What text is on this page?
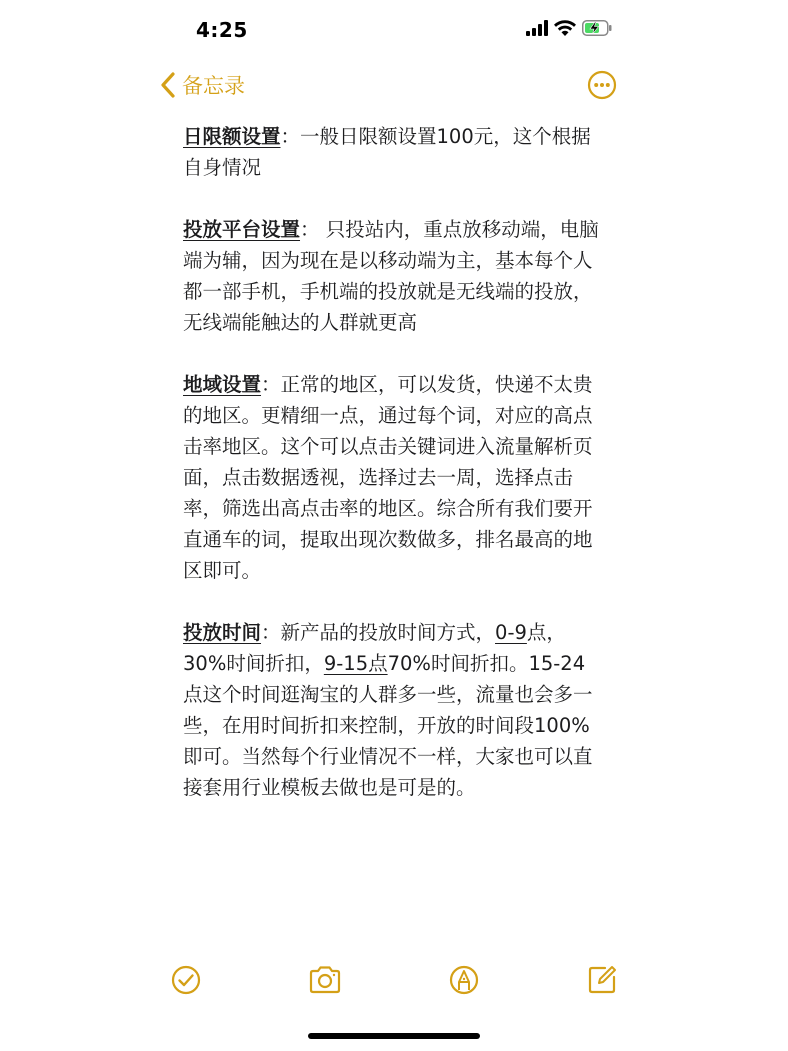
4:25
备忘录

日限额设置：一般日限额设置100元，这个根据自身情况

投放平台设置： 只投站内，重点放移动端，电脑端为辅，因为现在是以移动端为主，基本每个人都一部手机，手机端的投放就是无线端的投放，无线端能触达的人群就更高

地域设置：正常的地区，可以发货，快递不太贵的地区。更精细一点，通过每个词，对应的高点击率地区。这个可以点击关键词进入流量解析页面，点击数据透视，选择过去一周，选择点击率，筛选出高点击率的地区。综合所有我们要开直通车的词，提取出现次数做多，排名最高的地区即可。

投放时间：新产品的投放时间方式，0-9点，30%时间折扣，9-15点70%时间折扣。15-24点这个时间逛淘宝的人群多一些，流量也会多一些，在用时间折扣来控制，开放的时间段100%即可。当然每个行业情况不一样，大家也可以直接套用行业模板去做也是可是的。
